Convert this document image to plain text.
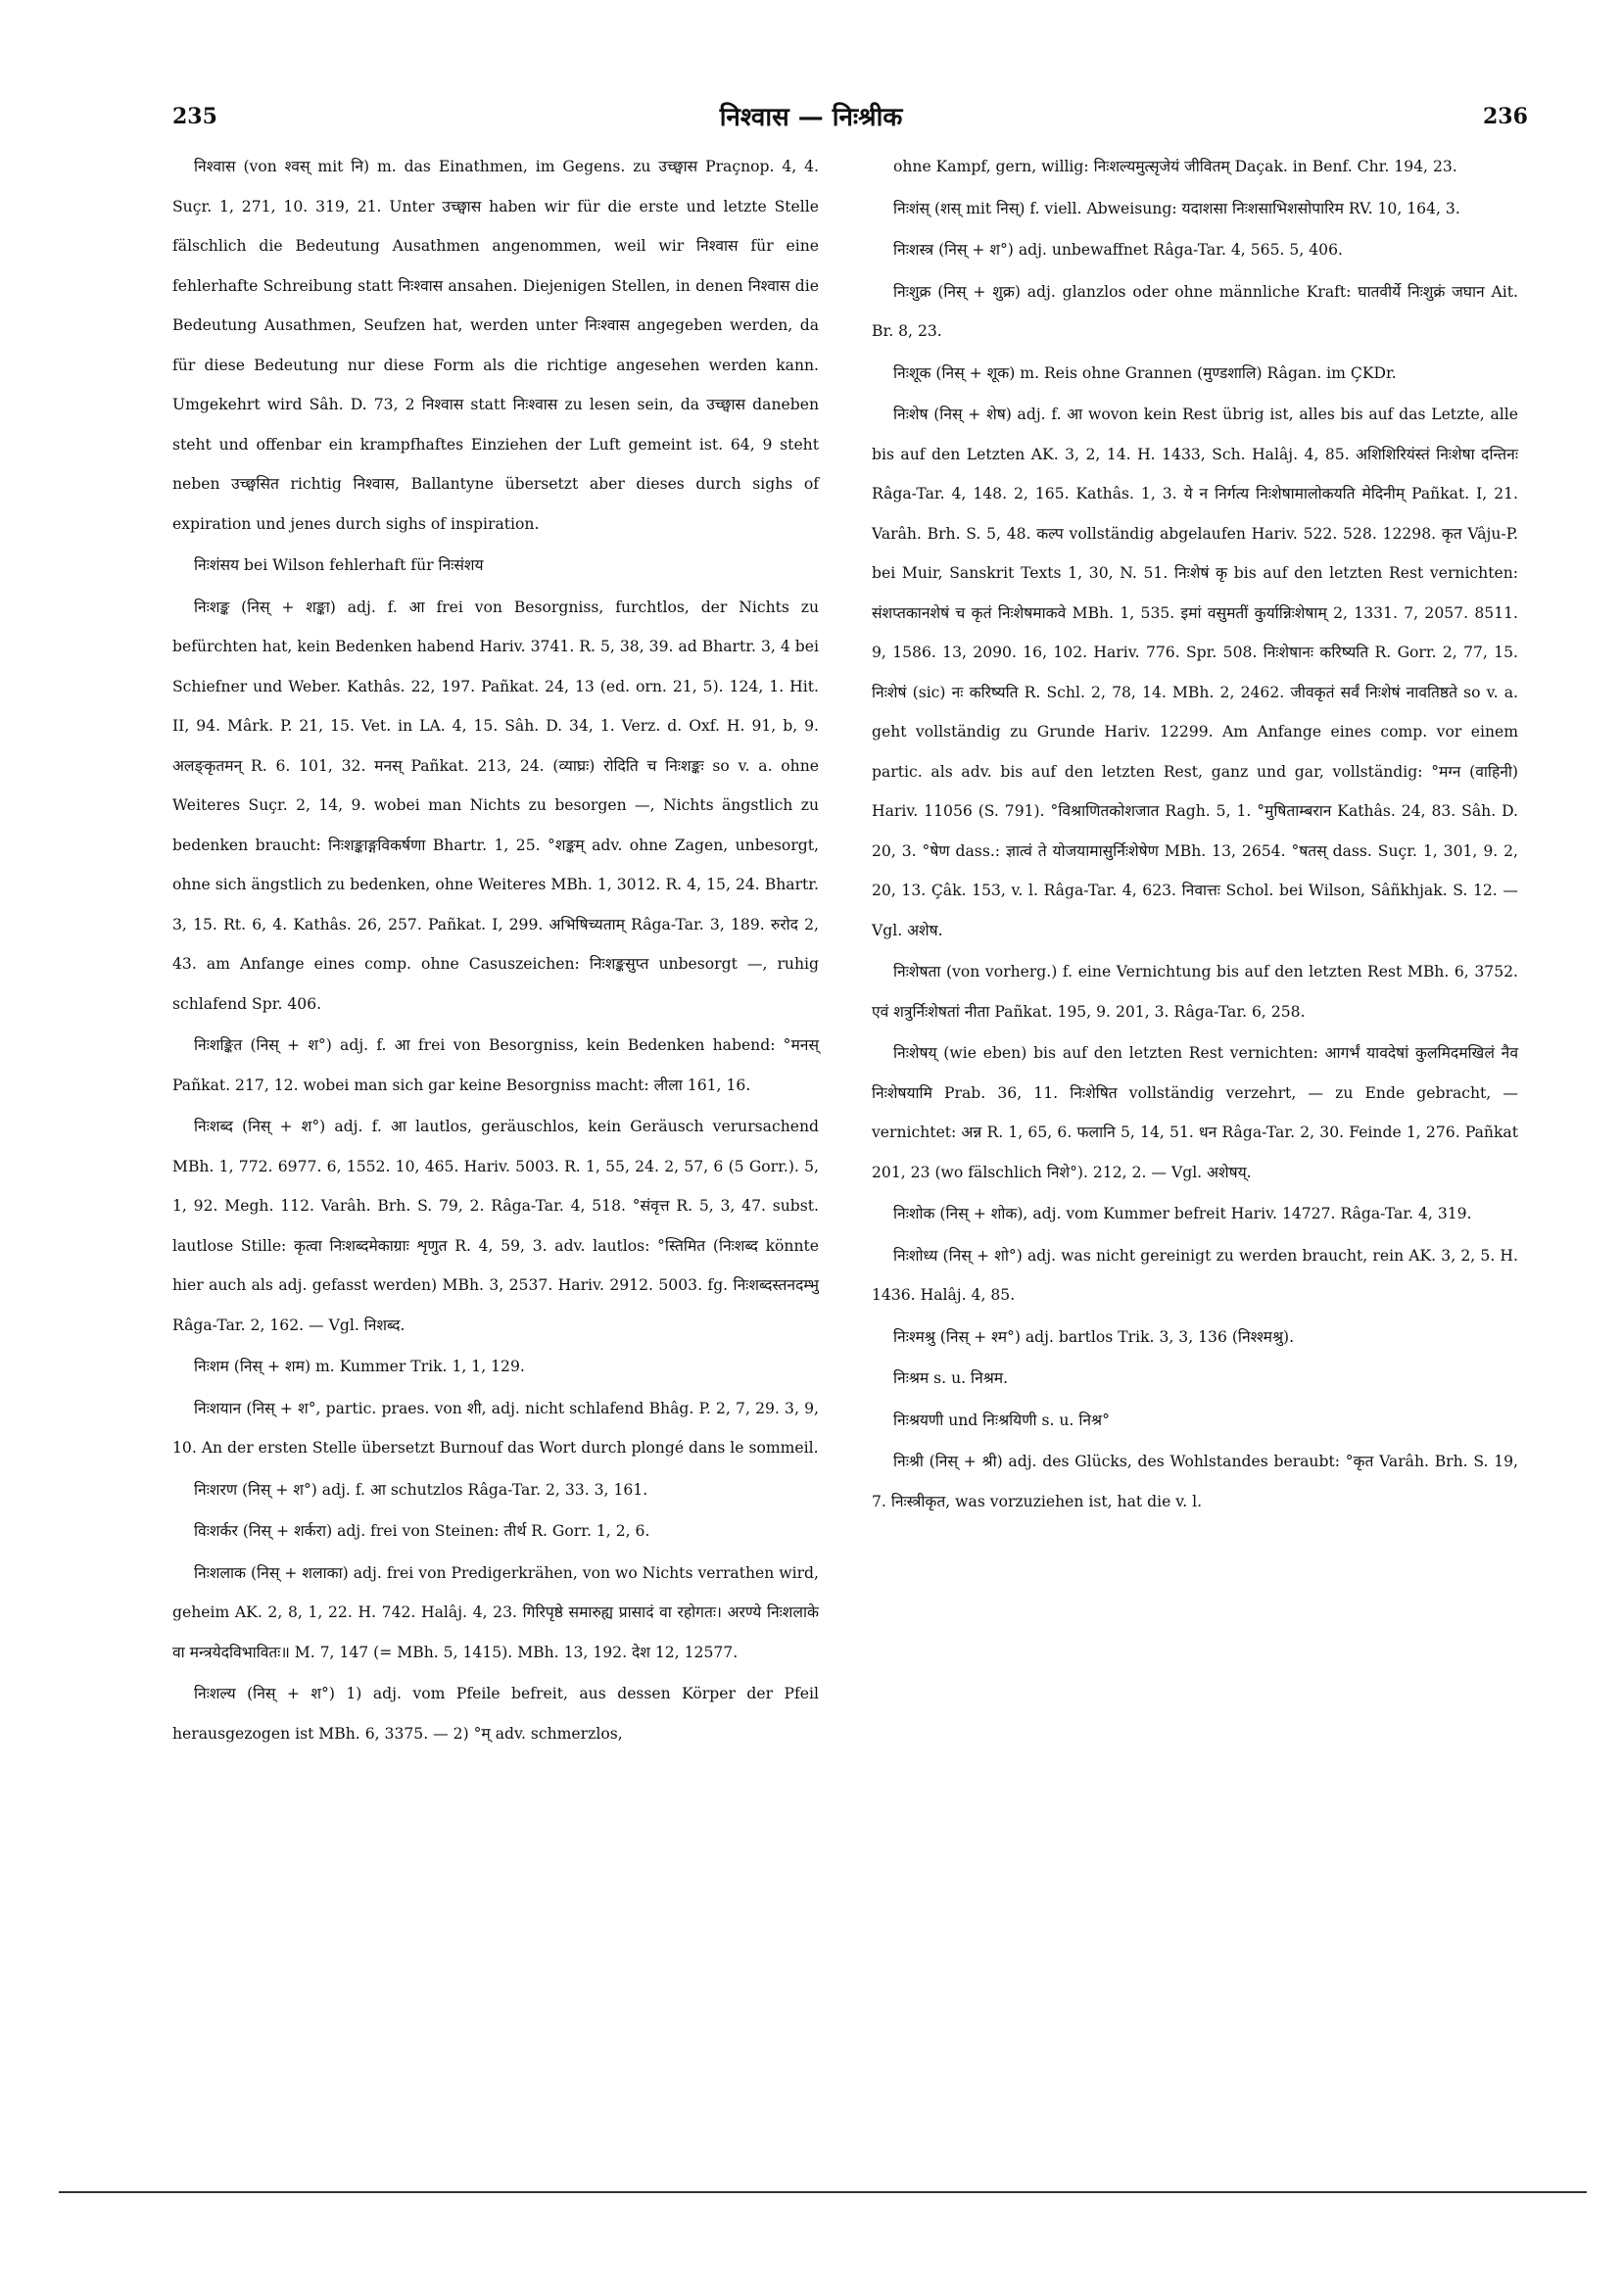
235	निश्वास — निःश्रीक	236

निश्वास (von श्वस् mit नि) m. das Einathmen, im Gegens. zu उच्छ्वास Praçnop. 4, 4. Suçr. 1, 271, 10. 319, 21. Unter उच्छ्वास haben wir für die erste und letzte Stelle fälschlich die Bedeutung Ausathmen angenommen, weil wir निश्वास für eine fehlerhafte Schreibung statt निःश्वास ansahen. Diejenigen Stellen, in denen निश्वास die Bedeutung Ausathmen, Seufzen hat, werden unter निःश्वास angegeben werden, da für diese Bedeutung nur diese Form als die richtige angesehen werden kann. Umgekehrt wird Sâh. D. 73, 2 निश्वास statt निःश्वास zu lesen sein, da उच्छ्वास daneben steht und offenbar ein krampfhaftes Einziehen der Luft gemeint ist. 64, 9 steht neben उच्छ्वसित richtig निश्वास, Ballantyne übersetzt aber dieses durch sighs of expiration und jenes durch sighs of inspiration.

निःशंसय bei Wilson fehlerhaft für निःसंशय

निःशङ्क (निस् + शङ्का) adj. f. आ frei von Besorgniss, furchtlos, der Nichts zu befürchten hat, kein Bedenken habend Hariv. 3741. R. 5, 38, 39. ad Bhartr. 3, 4 bei Schiefner und Weber. Kathâs. 22, 197. Pañkat. 24, 13 (ed. orn. 21, 5). 124, 1. Hit. II, 94. Mârk. P. 21, 15. Vet. in LA. 4, 15. Sâh. D. 34, 1. Verz. d. Oxf. H. 91, b, 9. अलङ्कृतमन् R. 6. 101, 32. मनस् Pañkat. 213, 24. (व्याघ्रः) रोदिति च निःशङ्कः so v. a. ohne Weiteres Suçr. 2, 14, 9. wobei man Nichts zu besorgen —, Nichts ängstlich zu bedenken braucht: निःशङ्काङ्गविकर्षणा Bhartr. 1, 25. °शङ्कम् adv. ohne Zagen, unbesorgt, ohne sich ängstlich zu bedenken, ohne Weiteres MBh. 1, 3012. R. 4, 15, 24. Bhartr. 3, 15. Rt. 6, 4. Kathâs. 26, 257. Pañkat. I, 299. अभिषिच्यताम् Râga-Tar. 3, 189. रुरोद 2, 43. am Anfange eines comp. ohne Casuszeichen: निःशङ्कसुप्त unbesorgt —, ruhig schlafend Spr. 406.

निःशङ्कित (निस् + श°) adj. f. आ frei von Besorgniss, kein Bedenken habend: °मनस् Pañkat. 217, 12. wobei man sich gar keine Besorgniss macht: लीला 161, 16.

निःशब्द (निस् + श°) adj. f. आ lautlos, geräuschlos, kein Geräusch verursachend MBh. 1, 772. 6977. 6, 1552. 10, 465. Hariv. 5003. R. 1, 55, 24. 2, 57, 6 (5 Gorr.). 5, 1, 92. Megh. 112. Varâh. Brh. S. 79, 2. Râga-Tar. 4, 518. °संवृत्त R. 5, 3, 47. subst. lautlose Stille: कृत्वा निःशब्दमेकाग्राः शृणुत R. 4, 59, 3. adv. lautlos: °स्तिमित (निःशब्द könnte hier auch als adj. gefasst werden) MBh. 3, 2537. Hariv. 2912. 5003. fg. निःशब्दस्तनदम्भु Râga-Tar. 2, 162. — Vgl. निशब्द.

निःशम (निस् + शम) m. Kummer Trik. 1, 1, 129.

निःशयान (निस् + श°, partic. praes. von शी, adj. nicht schlafend Bhâg. P. 2, 7, 29. 3, 9, 10. An der ersten Stelle übersetzt Burnouf das Wort durch plongé dans le sommeil.

निःशरण (निस् + श°) adj. f. आ schutzlos Râga-Tar. 2, 33. 3, 161.

विःशर्कर (निस् + शर्करा) adj. frei von Steinen: तीर्थ R. Gorr. 1, 2, 6.

निःशलाक (निस् + शलाका) adj. frei von Predigerkrähen, von wo Nichts verrathen wird, geheim AK. 2, 8, 1, 22. H. 742. Halâj. 4, 23. गिरिपृष्ठे समारुह्य प्रासादं वा रहोगतः। अरण्ये निःशलाके वा मन्त्रयेदविभावितः॥ M. 7, 147 (= MBh. 5, 1415). MBh. 13, 192. देश 12, 12577.

निःशल्य (निस् + श°) 1) adj. vom Pfeile befreit, aus dessen Körper der Pfeil herausgezogen ist MBh. 6, 3375. — 2) °म् adv. schmerzlos,

ohne Kampf, gern, willig: निःशल्यमुत्सृजेयं जीवितम् Daçak. in Benf. Chr. 194, 23.

निःशंस् (शस् mit निस्) f. viell. Abweisung: यदाशसा निःशसाभिशसोपारिम RV. 10, 164, 3.

निःशस्त्र (निस् + श°) adj. unbewaffnet Râga-Tar. 4, 565. 5, 406.

निःशुक्र (निस् + शुक्र) adj. glanzlos oder ohne männliche Kraft: घातवीर्ये निःशुक्रं जघान Ait. Br. 8, 23.

निःशूक (निस् + शूक) m. Reis ohne Grannen (मुण्डशालि) Râgan. im ÇKDr.

निःशेष (निस् + शेष) adj. f. आ wovon kein Rest übrig ist, alles bis auf das Letzte, alle bis auf den Letzten AK. 3, 2, 14. H. 1433, Sch. Halâj. 4, 85. अशिशिरियंस्तं निःशेषा दन्तिनः Râga-Tar. 4, 148. 2, 165. Kathâs. 1, 3. ये न निर्गत्य निःशेषामालोकयति मेदिनीम् Pañkat. I, 21. Varâh. Brh. S. 5, 48. कल्प vollständig abgelaufen Hariv. 522. 528. 12298. कृत Vâju-P. bei Muir, Sanskrit Texts 1, 30, N. 51. निःशेषं कृ bis auf den letzten Rest vernichten: संशप्तकानशेषं च कृतं निःशेषमाकवे MBh. 1, 535. इमां वसुमतीं कुर्यान्निःशेषाम् 2, 1331. 7, 2057. 8511. 9, 1586. 13, 2090. 16, 102. Hariv. 776. Spr. 508. निःशेषानः करिष्यति R. Gorr. 2, 77, 15. निःशेषं (sic) नः करिष्यति R. Schl. 2, 78, 14. MBh. 2, 2462. जीवकृतं सर्वं निःशेषं नावतिष्ठते so v. a. geht vollständig zu Grunde Hariv. 12299. Am Anfange eines comp. vor einem partic. als adv. bis auf den letzten Rest, ganz und gar, vollständig: °मग्न (वाहिनी) Hariv. 11056 (S. 791). °विश्राणितकोशजात Ragh. 5, 1. °मुषिताम्बरान Kathâs. 24, 83. Sâh. D. 20, 3. °षेण dass.: ज्ञात्वं ते योजयामासुर्निःशेषेण MBh. 13, 2654. °षतस् dass. Suçr. 1, 301, 9. 2, 20, 13. Çâk. 153, v. l. Râga-Tar. 4, 623. निवात्तः Schol. bei Wilson, Sâñkhjak. S. 12. — Vgl. अशेष.

निःशेषता (von vorherg.) f. eine Vernichtung bis auf den letzten Rest MBh. 6, 3752. एवं शत्रुर्निःशेषतां नीता Pañkat. 195, 9. 201, 3. Râga-Tar. 6, 258.

निःशेषय् (wie eben) bis auf den letzten Rest vernichten: आगर्भं यावदेषां कुलमिदमखिलं नैव निःशेषयामि Prab. 36, 11. निःशेषित vollständig verzehrt, — zu Ende gebracht, — vernichtet: अन्न R. 1, 65, 6. फलानि 5, 14, 51. धन Râga-Tar. 2, 30. Feinde 1, 276. Pañkat 201, 23 (wo fälschlich निशे°). 212, 2. — Vgl. अशेषय्.

निःशोक (निस् + शोक), adj. vom Kummer befreit Hariv. 14727. Râga-Tar. 4, 319.

निःशोध्य (निस् + शो°) adj. was nicht gereinigt zu werden braucht, rein AK. 3, 2, 5. H. 1436. Halâj. 4, 85.

निःश्मश्रु (निस् + श्म°) adj. bartlos Trik. 3, 3, 136 (निश्श्मश्रु).

निःश्रम s. u. निश्रम.

निःश्रयणी und निःश्रयिणी s. u. निश्र°

निःश्री (निस् + श्री) adj. des Glücks, des Wohlstandes beraubt: °कृत Varâh. Brh. S. 19, 7. निःस्त्रीकृत, was vorzuziehen ist, hat die v. l.
